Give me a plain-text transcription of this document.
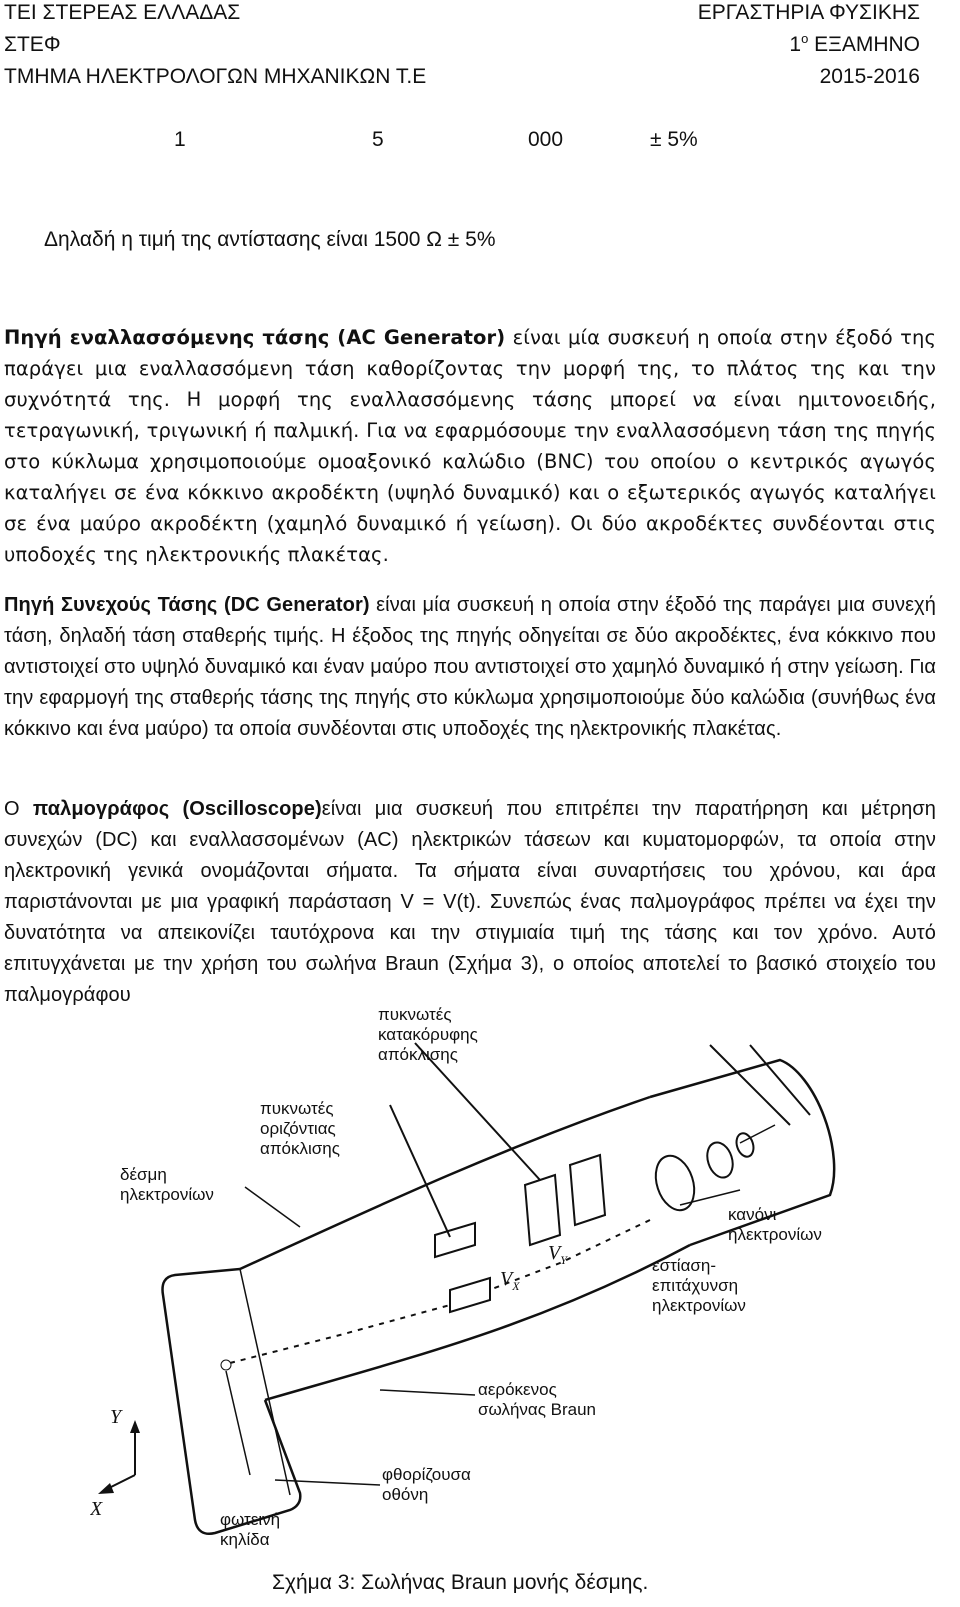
ΤΕΙ ΣΤΕΡΕΑΣ ΕΛΛΑΔΑΣ
ΣΤΕΦ
ΤΜΗΜΑ ΗΛΕΚΤΡΟΛΟΓΩΝ ΜΗΧΑΝΙΚΩΝ Τ.Ε
ΕΡΓΑΣΤΗΡΙΑ ΦΥΣΙΚΗΣ
$1^o$ ΕΞΑΜΗΝΟ
2015-2016
1	5	000	± 5%
Δηλαδή η τιμή της αντίστασης είναι 1500 Ω ± 5%
Πηγή εναλλασσόμενης τάσης (AC Generator) είναι μία συσκευή η οποία στην έξοδό της παράγει μια εναλλασσόμενη τάση καθορίζοντας την μορφή της, το πλάτος της και την συχνότητά της. Η μορφή της εναλλασσόμενης τάσης μπορεί να είναι ημιτονοειδής, τετραγωνική, τριγωνική ή παλμική. Για να εφαρμόσουμε την εναλλασσόμενη τάση της πηγής στο κύκλωμα χρησιμοποιούμε ομοαξονικό καλώδιο (BNC) του οποίου ο κεντρικός αγωγός καταλήγει σε ένα κόκκινο ακροδέκτη (υψηλό δυναμικό) και ο εξωτερικός αγωγός καταλήγει σε ένα μαύρο ακροδέκτη (χαμηλό δυναμικό ή γείωση). Οι δύο ακροδέκτες συνδέονται στις υποδοχές της ηλεκτρονικής πλακέτας.
Πηγή Συνεχούς Τάσης (DC Generator) είναι μία συσκευή η οποία στην έξοδό της παράγει μια συνεχή τάση, δηλαδή τάση σταθερής τιμής. Η έξοδος της πηγής οδηγείται σε δύο ακροδέκτες, ένα κόκκινο που αντιστοιχεί στο υψηλό δυναμικό και έναν μαύρο που αντιστοιχεί στο χαμηλό δυναμικό ή στην γείωση. Για την εφαρμογή της σταθερής τάσης της πηγής στο κύκλωμα χρησιμοποιούμε δύο καλώδια (συνήθως ένα κόκκινο και ένα μαύρο) τα οποία συνδέονται στις υποδοχές της ηλεκτρονικής πλακέτας.
Ο παλμογράφος (Oscilloscope)είναι μια συσκευή που επιτρέπει την παρατήρηση και μέτρηση συνεχών (DC) και εναλλασσομένων (AC) ηλεκτρικών τάσεων και κυματομορφών, τα οποία στην ηλεκτρονική γενικά ονομάζονται σήματα. Τα σήματα είναι συναρτήσεις του χρόνου, και άρα παριστάνονται με μια γραφική παράσταση V = V(t). Συνεπώς ένας παλμογράφος πρέπει να έχει την δυνατότητα να απεικονίζει ταυτόχρονα και την στιγμιαία τιμή της τάσης και τον χρόνο. Αυτό επιτυγχάνεται με την χρήση του σωλήνα Braun (Σχήμα 3), ο οποίος αποτελεί το βασικό στοιχείο του παλμογράφου
Y
X
$V_Y$
$V_X$
πυκνωτές
κατακόρυφης
απόκλισης
πυκνωτές
οριζόντιας
απόκλισης
δέσμη
ηλεκτρονίων
κανόνι
ηλεκτρονίων
εστίαση-
επιτάχυνση
ηλεκτρονίων
αερόκενος
σωλήνας Braun
φθορίζουσα
οθόνη
φωτεινή
κηλίδα
Σχήμα 3: Σωλήνας Braun μονής δέσμης.
